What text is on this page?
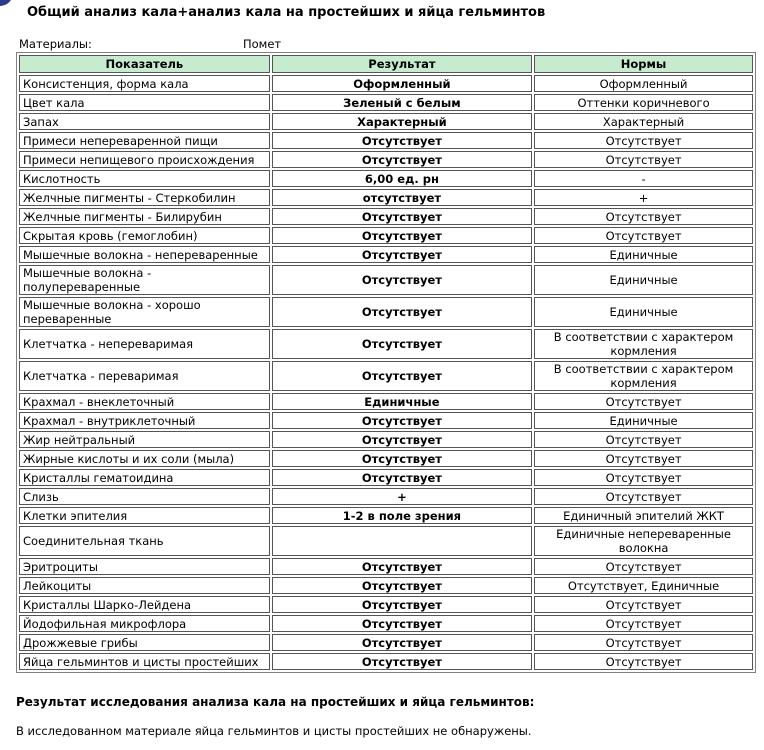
Общий анализ кала+анализ кала на простейших и яйца гельминтов
Материалы:	Помет
Показатель	Результат	Нормы
Консистенция, форма кала	Оформленный	Оформленный
Цвет кала	Зеленый с белым	Оттенки коричневого
Запах	Характерный	Характерный
Примеси непереваренной пищи	Отсутствует	Отсутствует
Примеси непищевого происхождения	Отсутствует	Отсутствует
Кислотность	6,00 ед. рн	-
Желчные пигменты - Стеркобилин	отсутствует	+
Желчные пигменты - Билирубин	Отсутствует	Отсутствует
Скрытая кровь (гемоглобин)	Отсутствует	Отсутствует
Мышечные волокна - непереваренные	Отсутствует	Единичные
Мышечные волокна - полупереваренные	Отсутствует	Единичные
Мышечные волокна - хорошо переваренные	Отсутствует	Единичные
Клетчатка - непереваримая	Отсутствует	В соответствии с характером кормления
Клетчатка - переваримая	Отсутствует	В соответствии с характером кормления
Крахмал - внеклеточный	Единичные	Отсутствует
Крахмал - внутриклеточный	Отсутствует	Единичные
Жир нейтральный	Отсутствует	Отсутствует
Жирные кислоты и их соли (мыла)	Отсутствует	Отсутствует
Кристаллы гематоидина	Отсутствует	Отсутствует
Слизь	+	Отсутствует
Клетки эпителия	1-2 в поле зрения	Единичный эпителий ЖКТ
Соединительная ткань		Единичные непереваренные волокна
Эритроциты	Отсутствует	Отсутствует
Лейкоциты	Отсутствует	Отсутствует, Единичные
Кристаллы Шарко-Лейдена	Отсутствует	Отсутствует
Йодофильная микрофлора	Отсутствует	Отсутствует
Дрожжевые грибы	Отсутствует	Отсутствует
Яйца гельминтов и цисты простейших	Отсутствует	Отсутствует
Результат исследования анализа кала на простейших и яйца гельминтов:
В исследованном материале яйца гельминтов и цисты простейших не обнаружены.
